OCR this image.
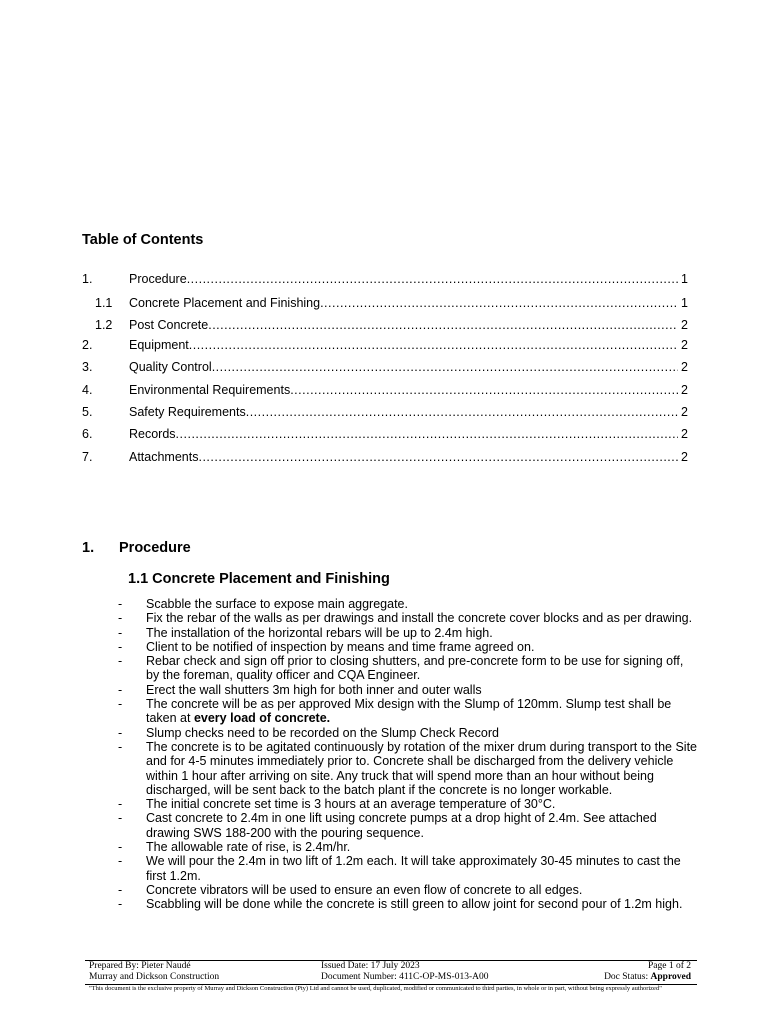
Table of Contents
1.	Procedure .....	1
1.1	Concrete Placement and Finishing .....	1
1.2	Post Concrete .....	2
2.	Equipment .....	2
3.	Quality Control .....	2
4.	Environmental Requirements .....	2
5.	Safety Requirements .....	2
6.	Records .....	2
7.	Attachments .....	2
1.	Procedure
1.1 Concrete Placement and Finishing
-	Scabble the surface to expose main aggregate.
-	Fix the rebar of the walls as per drawings and install the concrete cover blocks and as per drawing.
-	The installation of the horizontal rebars will be up to 2.4m high.
-	Client to be notified of inspection by means and time frame agreed on.
-	Rebar check and sign off prior to closing shutters, and pre-concrete form to be use for signing off, by the foreman, quality officer and CQA Engineer.
-	Erect the wall shutters 3m high for both inner and outer walls
-	The concrete will be as per approved Mix design with the Slump of 120mm. Slump test shall be taken at every load of concrete.
-	Slump checks need to be recorded on the Slump Check Record
-	The concrete is to be agitated continuously by rotation of the mixer drum during transport to the Site and for 4-5 minutes immediately prior to. Concrete shall be discharged from the delivery vehicle within 1 hour after arriving on site. Any truck that will spend more than an hour without being discharged, will be sent back to the batch plant if the concrete is no longer workable.
-	The initial concrete set time is 3 hours at an average temperature of 30°C.
-	Cast concrete to 2.4m in one lift using concrete pumps at a drop hight of 2.4m. See attached drawing SWS 188-200 with the pouring sequence.
-	The allowable rate of rise, is 2.4m/hr.
-	We will pour the 2.4m in two lift of 1.2m each. It will take approximately 30-45 minutes to cast the first 1.2m.
-	Concrete vibrators will be used to ensure an even flow of concrete to all edges.
-	Scabbling will be done while the concrete is still green to allow joint for second pour of 1.2m high.
Prepared By: Pieter Naudé	Issued Date: 17 July 2023	Page 1 of 2
Murray and Dickson Construction	Document Number: 411C-OP-MS-013-A00	Doc Status: Approved
"This document is the exclusive property of Murray and Dickson Construction (Pty) Ltd and cannot be used, duplicated, modified or communicated to third parties, in whole or in part, without being expressly authorized"
